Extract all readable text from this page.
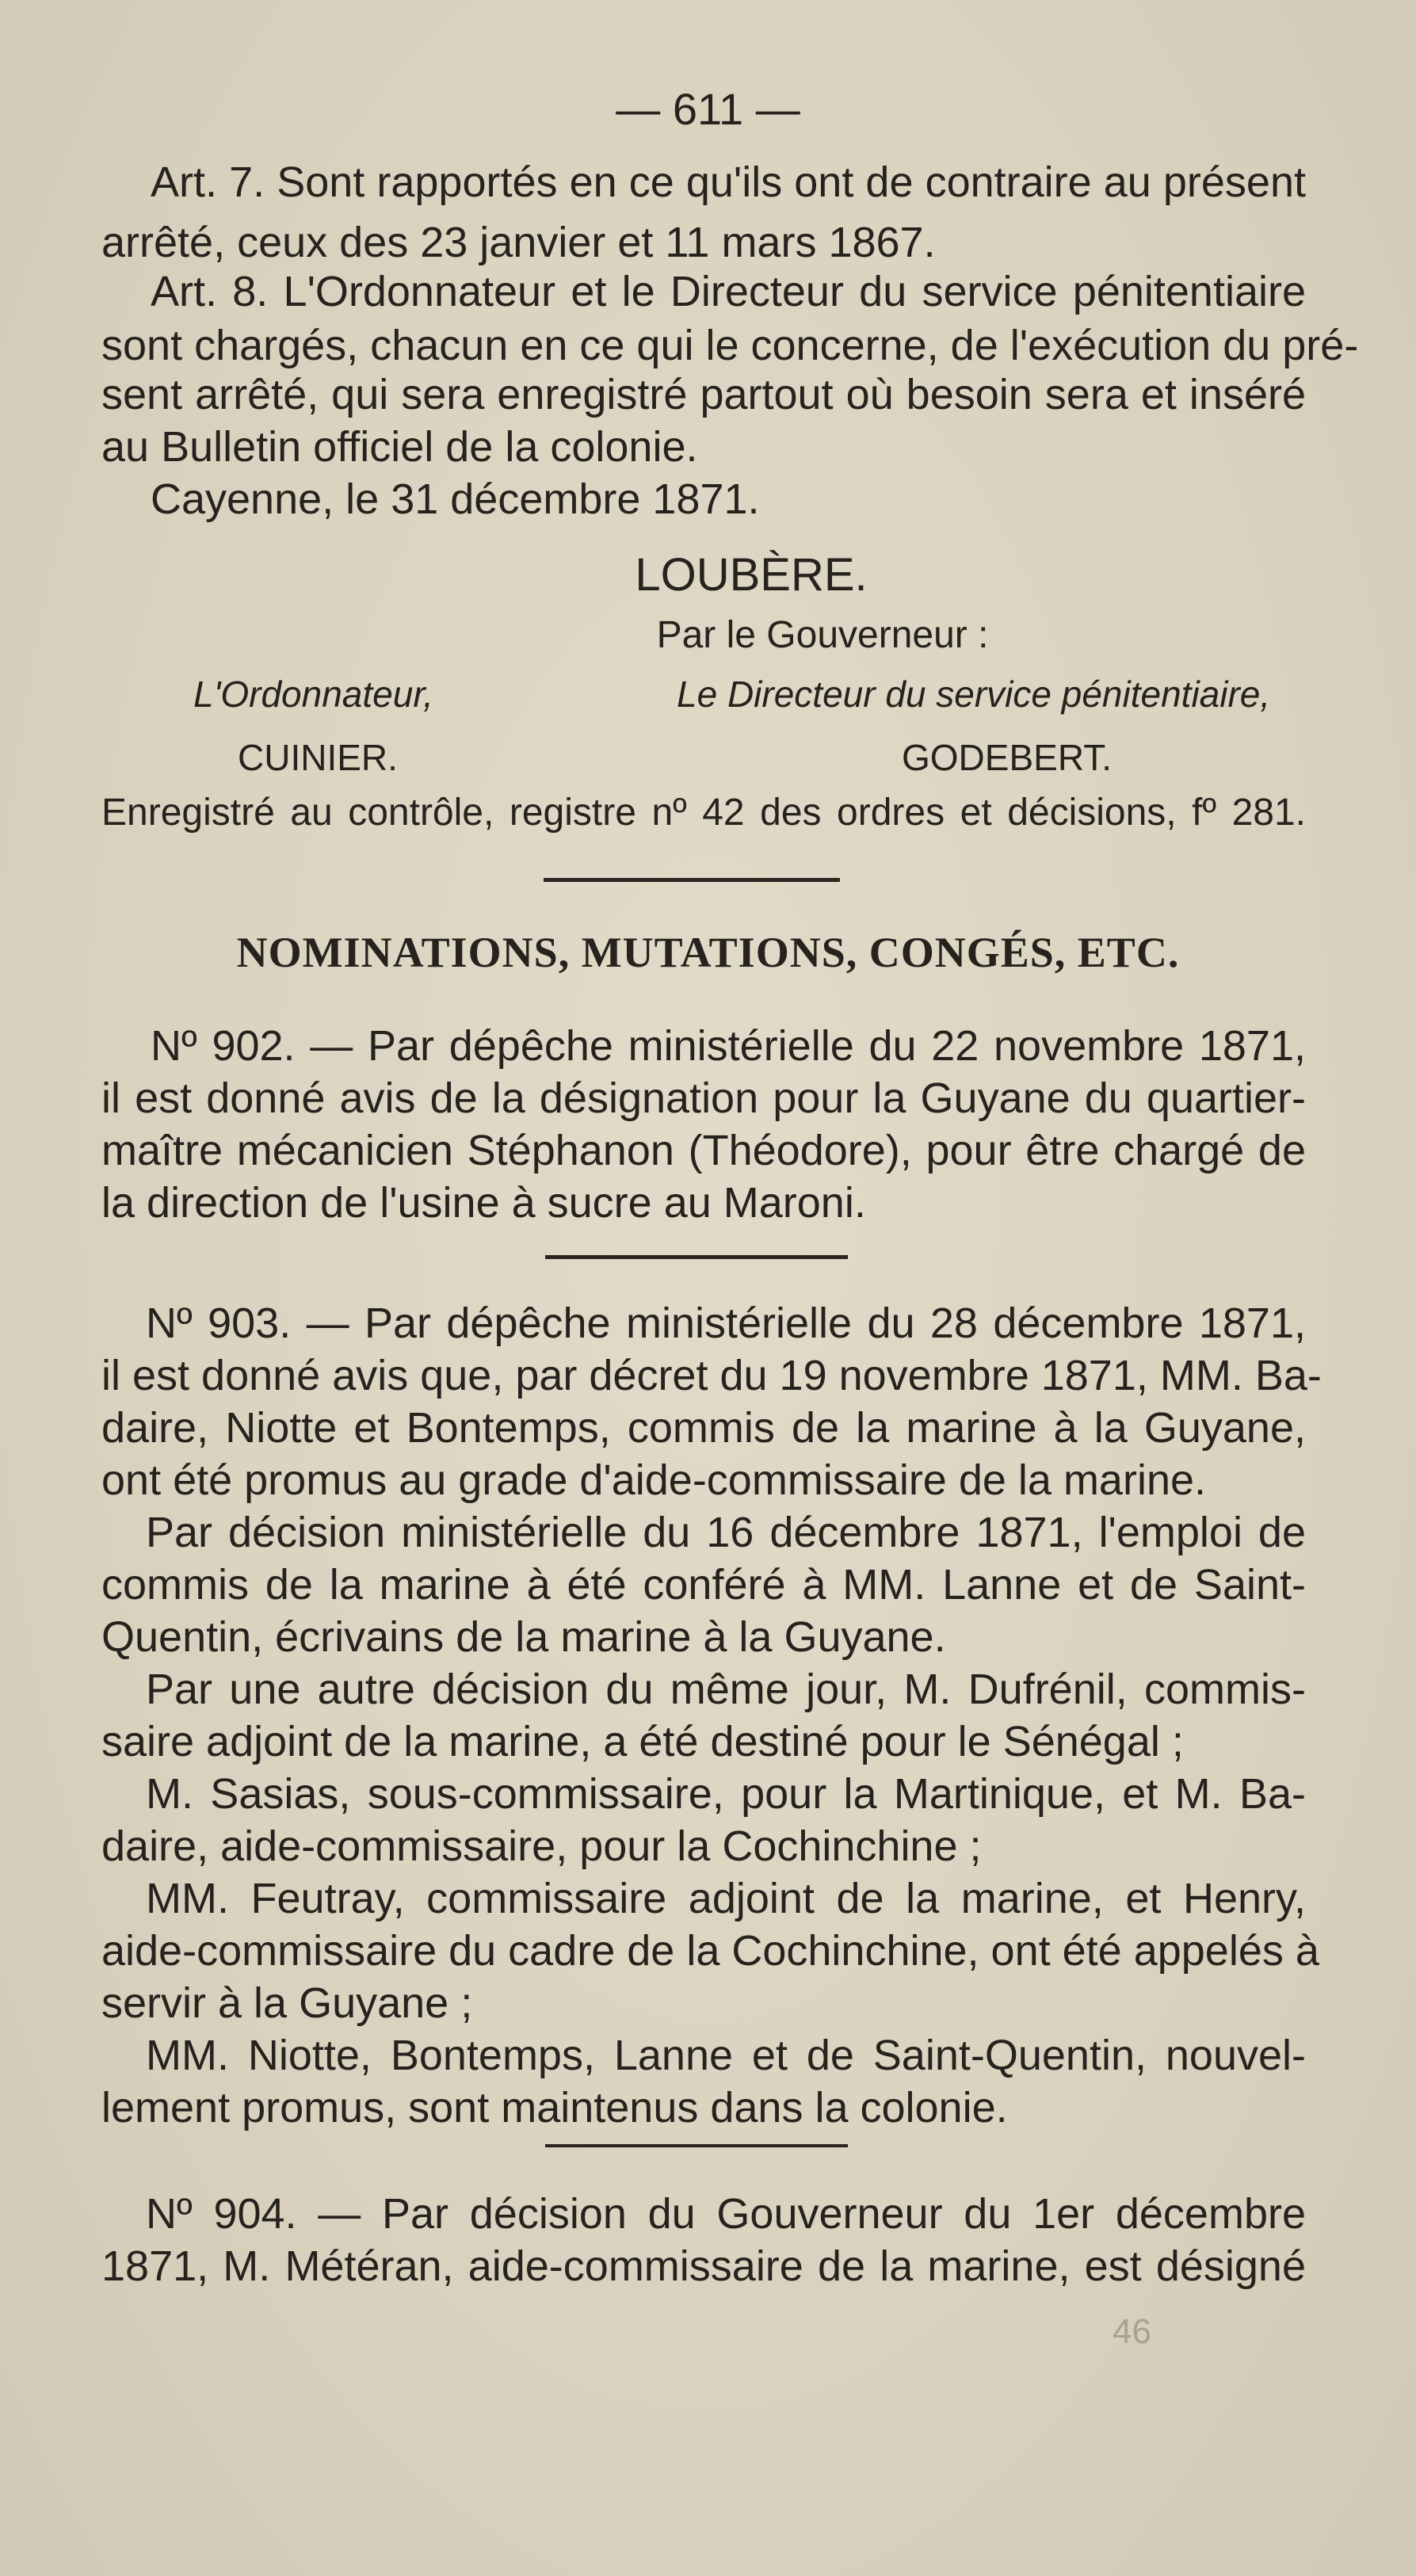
— 611 —
Art. 7. Sont rapportés en ce qu'ils ont de contraire au présent
arrêté, ceux des 23 janvier et 11 mars 1867.
Art. 8. L'Ordonnateur et le Directeur du service pénitentiaire
sont chargés, chacun en ce qui le concerne, de l'exécution du pré-
sent arrêté, qui sera enregistré partout où besoin sera et inséré
au Bulletin officiel de la colonie.
Cayenne, le 31 décembre 1871.
LOUBÈRE.
Par le Gouverneur :
L'Ordonnateur,	Le Directeur du service pénitentiaire,
CUINIER.	GODEBERT.
Enregistré au contrôle, registre nº 42 des ordres et décisions, fº 281.
NOMINATIONS, MUTATIONS, CONGÉS, ETC.
Nº 902. — Par dépêche ministérielle du 22 novembre 1871,
il est donné avis de la désignation pour la Guyane du quartier-
maître mécanicien Stéphanon (Théodore), pour être chargé de
la direction de l'usine à sucre au Maroni.
Nº 903. — Par dépêche ministérielle du 28 décembre 1871,
il est donné avis que, par décret du 19 novembre 1871, MM. Ba-
daire, Niotte et Bontemps, commis de la marine à la Guyane,
ont été promus au grade d'aide-commissaire de la marine.
Par décision ministérielle du 16 décembre 1871, l'emploi de
commis de la marine à été conféré à MM. Lanne et de Saint-
Quentin, écrivains de la marine à la Guyane.
Par une autre décision du même jour, M. Dufrénil, commis-
saire adjoint de la marine, a été destiné pour le Sénégal ;
M. Sasias, sous-commissaire, pour la Martinique, et M. Ba-
daire, aide-commissaire, pour la Cochinchine ;
MM. Feutray, commissaire adjoint de la marine, et Henry,
aide-commissaire du cadre de la Cochinchine, ont été appelés à
servir à la Guyane ;
MM. Niotte, Bontemps, Lanne et de Saint-Quentin, nouvel-
lement promus, sont maintenus dans la colonie.
Nº 904. — Par décision du Gouverneur du 1er décembre
1871, M. Météran, aide-commissaire de la marine, est désigné
46
